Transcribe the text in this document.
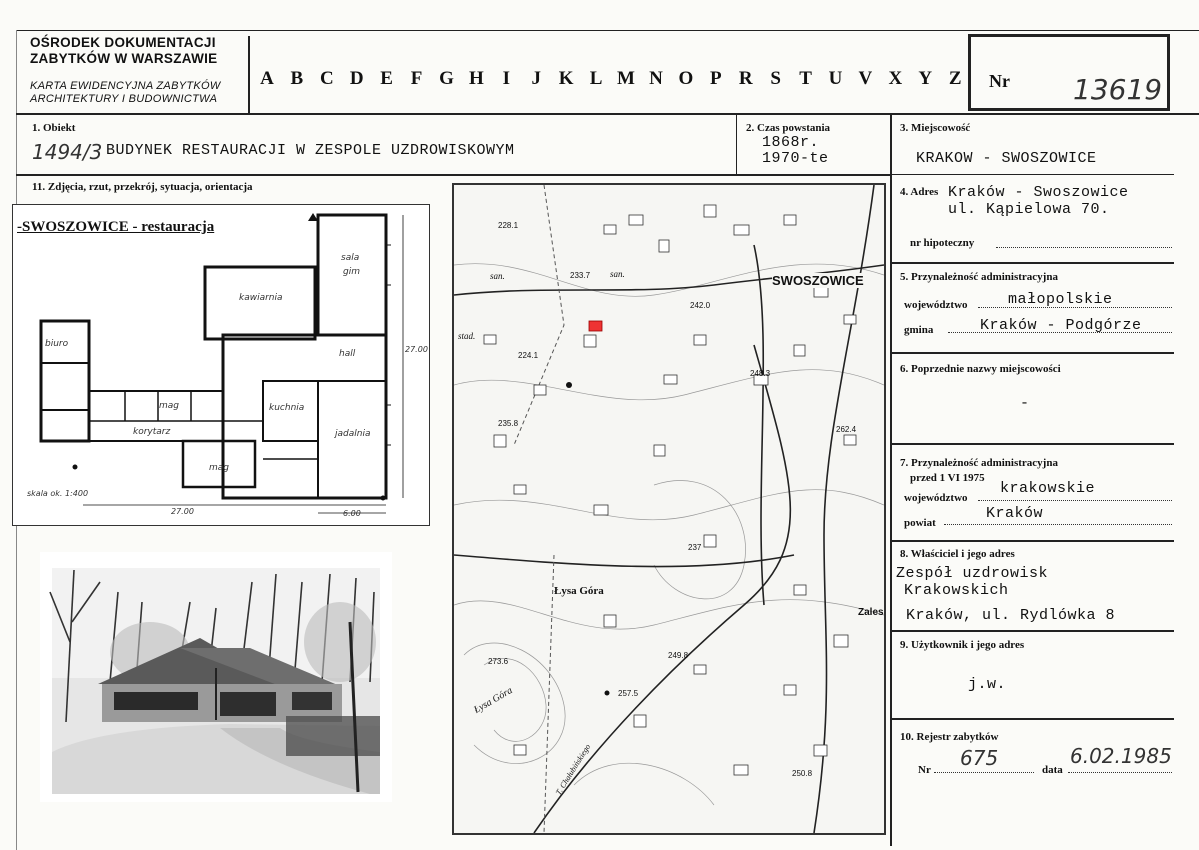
OŚRODEK DOKUMENTACJI
ZABYTKÓW W WARSZAWIE
KARTA EWIDENCYJNA ZABYTKÓW
ARCHITEKTURY I BUDOWNICTWA
A B C D E F G H I	J K L M N O P R S T U V X Y Z	Nr 13619
1. Obiekt
1494/3 BUDYNEK RESTAURACJI W ZESPOLE UZDROWISKOWYM
2. Czas powstania
1868r.
1970-te
3. Miejscowość
KRAKOW - SWOSZOWICE
11. Zdjęcia, rzut, przekrój, sytuacja, orientacja
-SWOSZOWICE - restauracja
sala
gim
kawiarnia
biuro
hall
mag	kuchnia
korytarz	jadalnia
mag
27.00
27.00	6.00
skala ok. 1:400
SWOSZOWICE
Łysa Góra
Łysa Góra
Zales
san.	san.
stad.
T. Chałubińskiego
228.1
233.7
242.0
224.1
248.3
235.8
262.4
237
273.6
249.8
257.5
250.8
4. Adres Kraków - Swoszowice
ul. Kąpielowa 70.
nr hipoteczny
5. Przynależność administracyjna
województwo	małopolskie
gmina	Kraków - Podgórze
6. Poprzednie nazwy miejscowości
-
7. Przynależność administracyjna
przed 1 VI 1975
województwo
krakowskie
powiat
Kraków
8. Właściciel i jego adres
Zespół uzdrowisk
Krakowskich
Kraków, ul. Rydlówka 8
9. Użytkownik i jego adres
j.w.
10. Rejestr zabytków
Nr 675	data
6.02.1985
